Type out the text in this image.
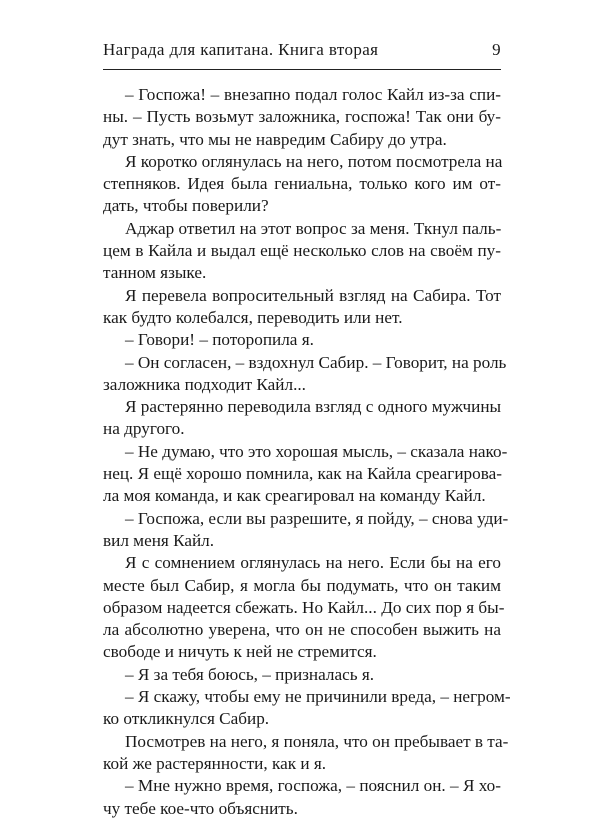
Награда для капитана. Книга вторая	9
– Госпожа! – внезапно подал голос Кайл из-за спи-
ны. – Пусть возьмут заложника, госпожа! Так они бу-
дут знать, что мы не навредим Сабиру до утра.
Я коротко оглянулась на него, потом посмотрела на
степняков. Идея была гениальна, только кого им от-
дать, чтобы поверили?
Аджар ответил на этот вопрос за меня. Ткнул паль-
цем в Кайла и выдал ещё несколько слов на своём пу-
танном языке.
Я перевела вопросительный взгляд на Сабира. Тот
как будто колебался, переводить или нет.
– Говори! – поторопила я.
– Он согласен, – вздохнул Сабир. – Говорит, на роль
заложника подходит Кайл...
Я растерянно переводила взгляд с одного мужчины
на другого.
– Не думаю, что это хорошая мысль, – сказала нако-
нец. Я ещё хорошо помнила, как на Кайла среагирова-
ла моя команда, и как среагировал на команду Кайл.
– Госпожа, если вы разрешите, я пойду, – снова уди-
вил меня Кайл.
Я с сомнением оглянулась на него. Если бы на его
месте был Сабир, я могла бы подумать, что он таким
образом надеется сбежать. Но Кайл... До сих пор я бы-
ла абсолютно уверена, что он не способен выжить на
свободе и ничуть к ней не стремится.
– Я за тебя боюсь, – призналась я.
– Я скажу, чтобы ему не причинили вреда, – негром-
ко откликнулся Сабир.
Посмотрев на него, я поняла, что он пребывает в та-
кой же растерянности, как и я.
– Мне нужно время, госпожа, – пояснил он. – Я хо-
чу тебе кое-что объяснить.
